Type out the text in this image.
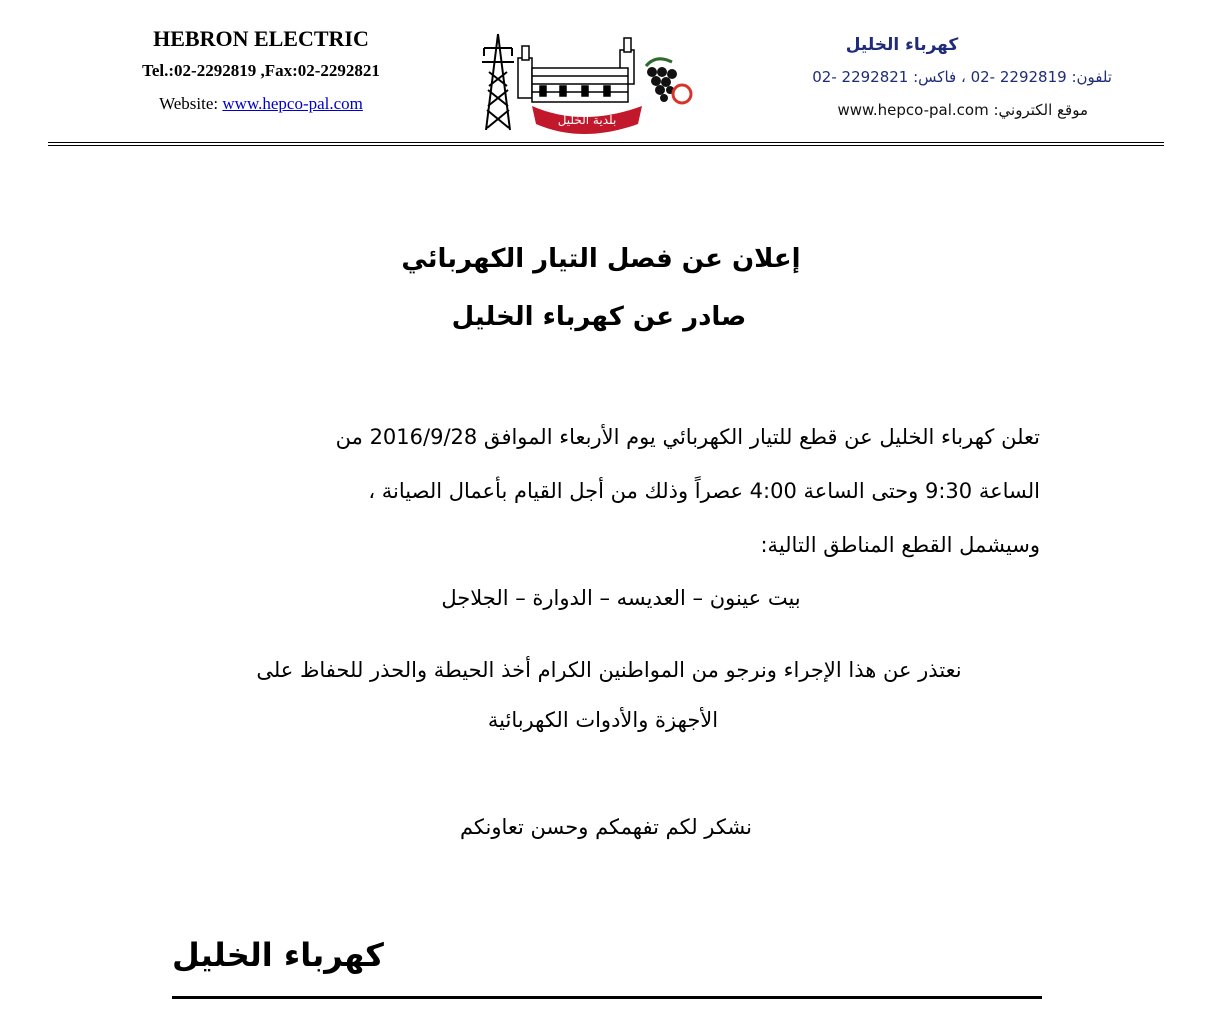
HEBRON ELECTRIC
Tel.:02-2292819 ,Fax:02-2292821
Website: www.hepco-pal.com
بلدية الخليل
كهرباء الخليل
تلفون: 2292819 -02 ، فاكس: 2292821 -02
موقع الكتروني: www.hepco-pal.com
إعلان عن فصل التيار الكهربائي
صادر عن كهرباء الخليل
تعلن كهرباء الخليل عن قطع للتيار الكهربائي يوم الأربعاء الموافق 2016/9/28 من
الساعة 9:30 وحتى الساعة 4:00 عصراً وذلك من أجل القيام بأعمال الصيانة ،
وسيشمل القطع المناطق التالية:
بيت عينون – العديسه – الدوارة – الجلاجل
نعتذر عن هذا الإجراء ونرجو من المواطنين الكرام أخذ الحيطة والحذر للحفاظ على
الأجهزة والأدوات الكهربائية
نشكر لكم تفهمكم وحسن تعاونكم
كهرباء الخليل
